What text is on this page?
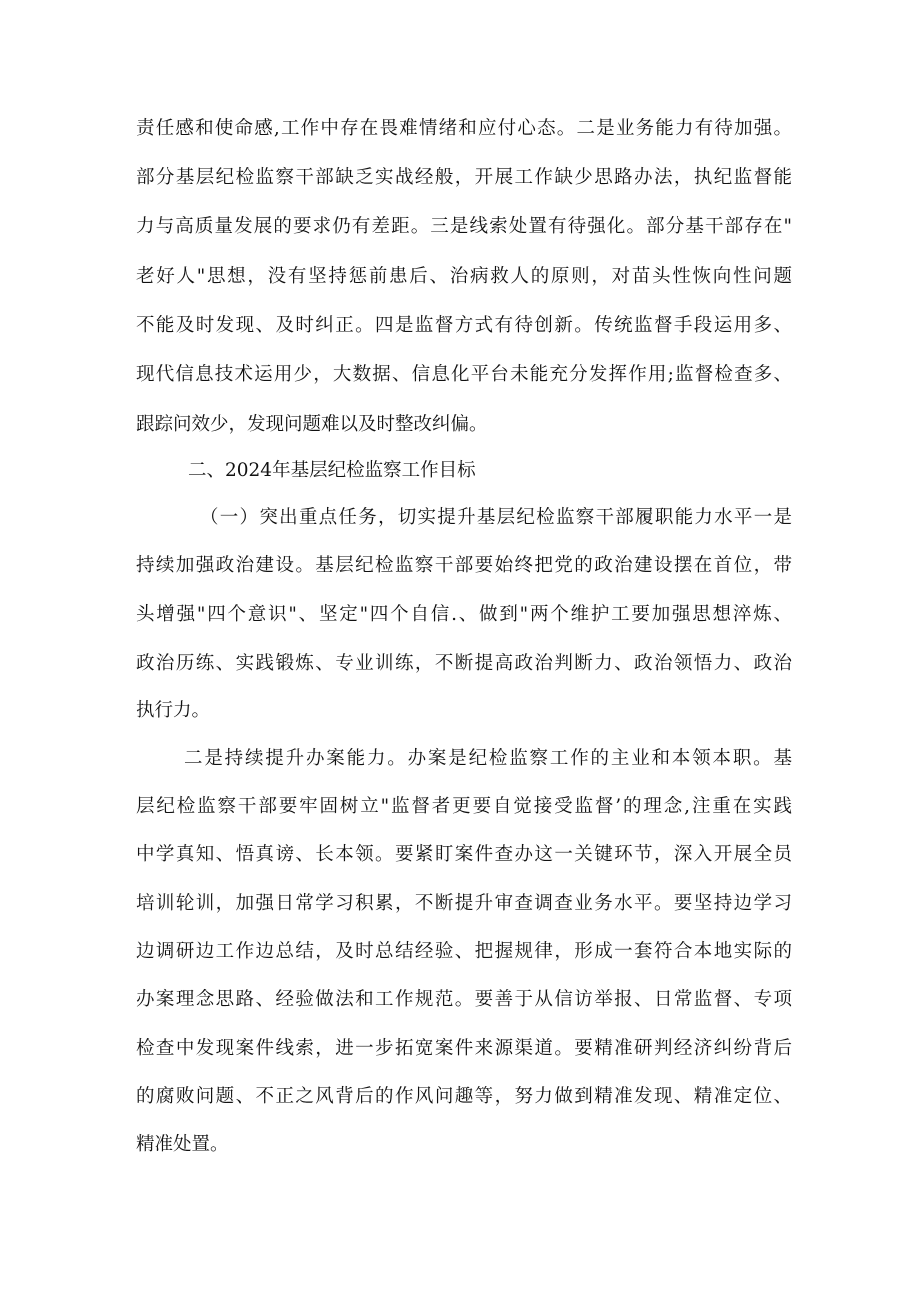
责任感和使命感,工作中存在畏难情绪和应付心态。二是业务能力有待加强。
部分基层纪检监察干部缺乏实战经般，开展工作缺少思路办法，执纪监督能
力与高质量发展的要求仍有差距。三是线索处置有待强化。部分基干部存在"
老好人"思想，没有坚持惩前患后、治病救人的原则，对苗头性恢向性问题
不能及时发现、及时纠正。四是监督方式有待创新。传统监督手段运用多、
现代信息技术运用少，大数据、信息化平台未能充分发挥作用;监督检查多、
跟踪问效少，发现问题难以及时整改纠偏。
二、2024年基层纪检监察工作目标
（一）突出重点任务，切实提升基层纪检监察干部履职能力水平一是
持续加强政治建设。基层纪检监察干部要始终把党的政治建设摆在首位，带
头增强"四个意识"、坚定"四个自信.、做到"两个维护工要加强思想淬炼、
政治历练、实践锻炼、专业训练，不断提高政治判断力、政治领悟力、政治
执行力。
二是持续提升办案能力。办案是纪检监察工作的主业和本领本职。基
层纪检监察干部要牢固树立"监督者更要自觉接受监督’的理念,注重在实践
中学真知、悟真谤、长本领。要紧盯案件查办这一关键环节，深入开展全员
培训轮训，加强日常学习积累，不断提升审查调查业务水平。要坚持边学习
边调研边工作边总结，及时总结经验、把握规律，形成一套符合本地实际的
办案理念思路、经验做法和工作规范。要善于从信访举报、日常监督、专项
检查中发现案件线索，进一步拓宽案件来源渠道。要精准研判经济纠纷背后
的腐败问题、不正之风背后的作风问趣等，努力做到精准发现、精准定位、
精准处置。
